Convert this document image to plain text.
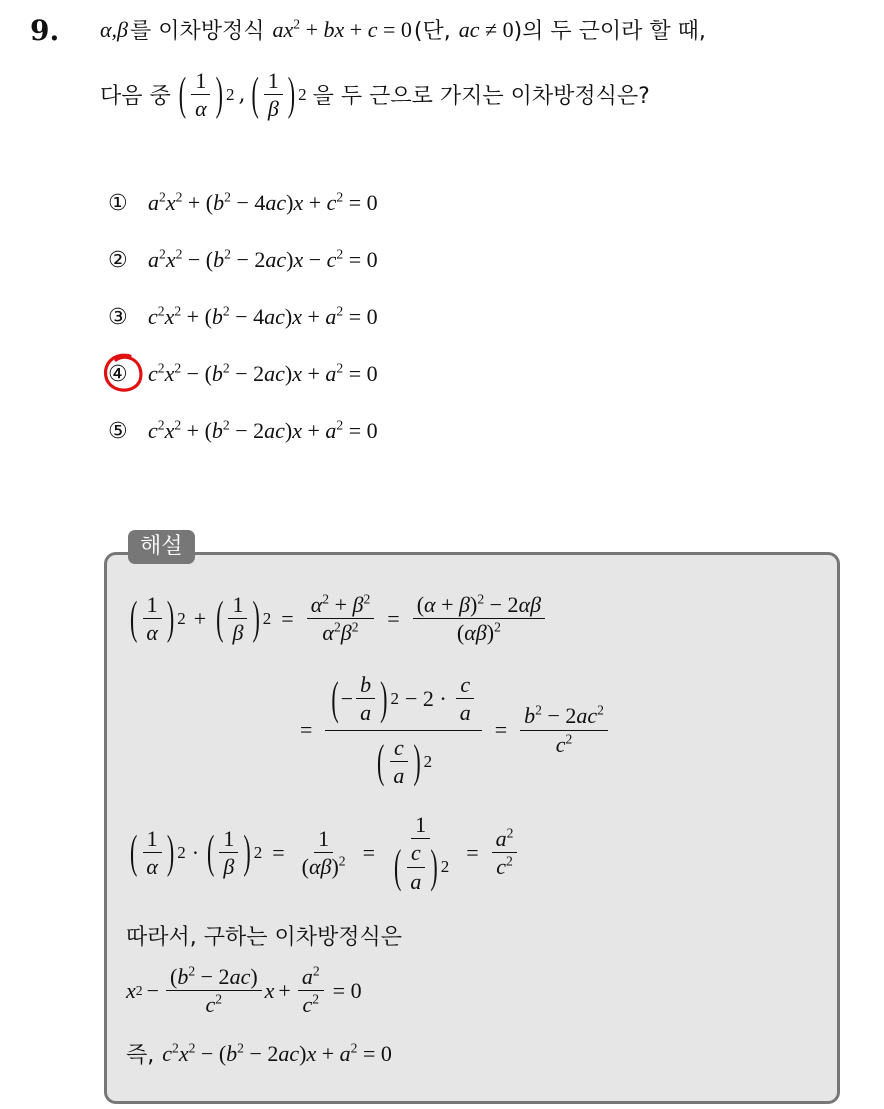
9. α,β 를 이차방정식 $ax^2$ + bx + c = 0 (단, ac ≠ 0 )의 두 근이라 할 때,
다음 중 ( $\frac{1}{\alpha}$ ) 2 , ( $\frac{1}{\beta}$ ) 2 을 두 근으로 가지는 이차방정식은?
① $a^2x^2 + (b^2 - 4ac)x + c^2 = 0$
② $a^2x^2 - (b^2 - 2ac)x - c^2 = 0$
③ $c^2x^2 + (b^2 - 4ac)x + a^2 = 0$
④ $c^2x^2 - (b^2 - 2ac)x + a^2 = 0$
⑤ $c^2x^2 + (b^2 - 2ac)x + a^2 = 0$
해설
( $\frac{1}{\alpha}$ ) 2 + ( $\frac{1}{\beta}$ ) $2 = \frac{\alpha^2 + \beta^2}{\alpha^2\beta^2} = \frac{(\alpha + \beta)^2 - 2\alpha\beta}{(\alpha\beta)^2}$
= $\frac{( - \frac{b}{a} ) 2 - 2 \cdot \frac{c}{a}}{( \frac{c}{a} ) 2} = \frac{b^2 - 2ac^2}{c^2}$
( $\frac{1}{\alpha}$ ) 2 · ( $\frac{1}{\beta}$ ) $2 = \frac{1}{(\alpha\beta)^2} = \frac{1}{( \frac{c}{a} ) 2} = \frac{a^2}{c^2}$
따라서, 구하는 이차방정식은
x $2 - \frac{(b^2 - 2ac)}{c^2}$ $x + \frac{a^2}{c^2} = 0$
즉, $c^2x^2 - (b^2 - 2ac)x + a^2 = 0$
